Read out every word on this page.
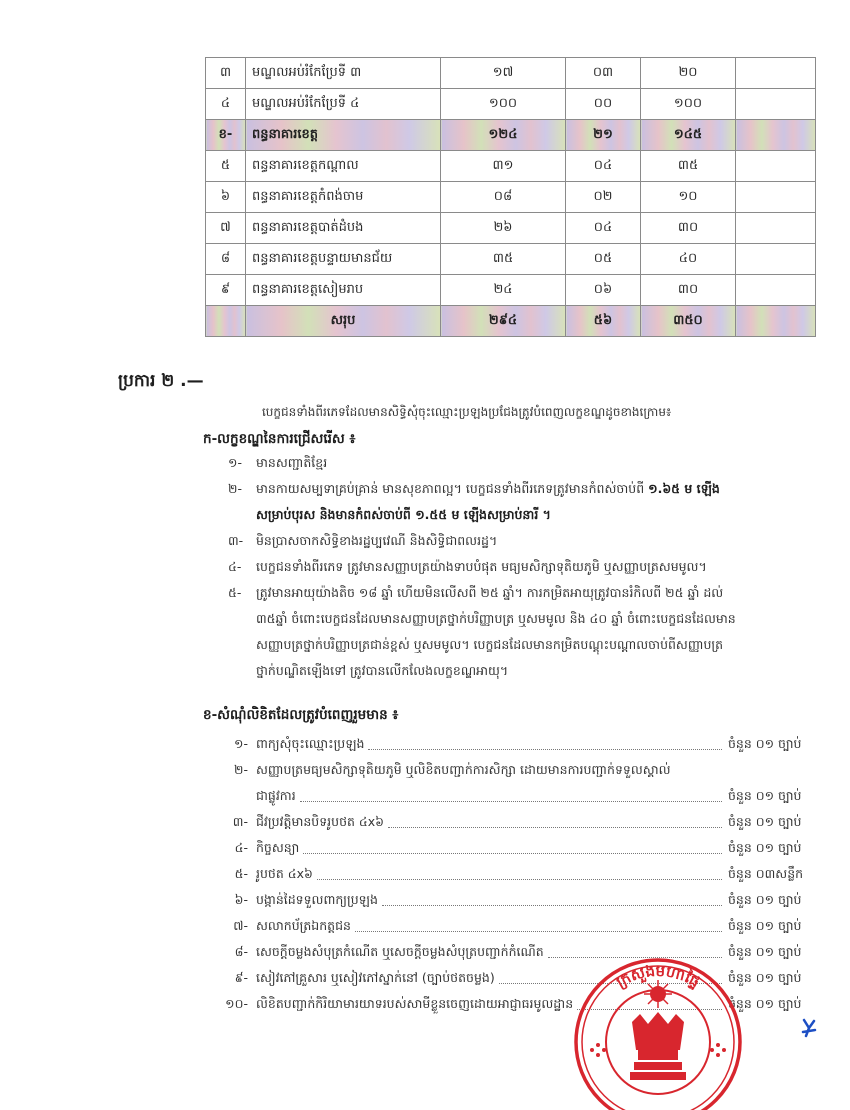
៣	មណ្ឌលអប់រំកែប្រែទី ៣	១៧	០៣	២០	
៤	មណ្ឌលអប់រំកែប្រែទី ៤	១០០	០០	១០០	
ខ-	ពន្ធនាគារខេត្ត	១២៤	២១	១៤៥	
៥	ពន្ធនាគារខេត្តកណ្ដាល	៣១	០៤	៣៥	
៦	ពន្ធនាគារខេត្តកំពង់ចាម	០៨	០២	១០	
៧	ពន្ធនាគារខេត្តបាត់ដំបង	២៦	០៤	៣០	
៨	ពន្ធនាគារខេត្តបន្ទាយមានជ័យ	៣៥	០៥	៤០	
៩	ពន្ធនាគារខេត្តសៀមរាប	២៤	០៦	៣០	
	សរុប	២៩៤	៥៦	៣៥០	
ប្រការ ២ .—
បេក្ខជនទាំងពីរភេទដែលមានសិទ្ធិសុំចុះឈ្មោះប្រឡងប្រជែងត្រូវបំពេញលក្ខខណ្ឌដូចខាងក្រោម៖
ក-លក្ខខណ្ឌនៃការជ្រើសរើស ៖
១- មានសញ្ជាតិខ្មែរ
២- មានកាយសម្បទាគ្រប់គ្រាន់ មានសុខភាពល្អ។ បេក្ខជនទាំងពីរភេទត្រូវមានកំពស់ចាប់ពី ១.៦៥ ម ឡើង
សម្រាប់បុរស និងមានកំពស់ចាប់ពី ១.៥៥ ម ឡើងសម្រាប់នារី ។
៣- មិនប្រាសចាកសិទ្ធិខាងរដ្ឋប្បវេណី និងសិទ្ធិជាពលរដ្ឋ។
៤- បេក្ខជនទាំងពីរភេទ ត្រូវមានសញ្ញាបត្រយ៉ាងទាបបំផុត មធ្យមសិក្សាទុតិយភូមិ ឬសញ្ញាបត្រសមមូល។
៥- ត្រូវមានអាយុយ៉ាងតិច ១៨ ឆ្នាំ ហើយមិនលើសពី ២៥ ឆ្នាំ។ ការកម្រិតអាយុត្រូវបានរំកិលពី ២៥ ឆ្នាំ ដល់
៣៥ឆ្នាំ ចំពោះបេក្ខជនដែលមានសញ្ញាបត្រថ្នាក់បរិញ្ញាបត្រ ឬសមមូល និង ៤០ ឆ្នាំ ចំពោះបេក្ខជនដែលមាន
សញ្ញាបត្រថ្នាក់បរិញ្ញាបត្រជាន់ខ្ពស់ ឬសមមូល។ បេក្ខជនដែលមានកម្រិតបណ្ដុះបណ្ដាលចាប់ពីសញ្ញាបត្រ
ថ្នាក់បណ្ឌិតឡើងទៅ ត្រូវបានលើកលែងលក្ខខណ្ឌអាយុ។
ខ-សំណុំលិខិតដែលត្រូវបំពេញរួមមាន ៖
១- ពាក្យសុំចុះឈ្មោះប្រឡង	ចំនួន ០១ ច្បាប់
២- សញ្ញាបត្រមធ្យមសិក្សាទុតិយភូមិ ឬលិខិតបញ្ជាក់ការសិក្សា ដោយមានការបញ្ជាក់ទទួលស្គាល់
ជាផ្លូវការ	ចំនួន ០១ ច្បាប់
៣- ជីវប្រវត្តិមានបិទរូបថត ៤x៦	ចំនួន ០១ ច្បាប់
៤- កិច្ចសន្យា	ចំនួន ០១ ច្បាប់
៥- រូបថត ៤x៦	ចំនួន ០៣សន្លឹក
៦- បង្កាន់ដៃទទួលពាក្យប្រឡង	ចំនួន ០១ ច្បាប់
៧- សលាកប័ត្រឯកត្តជន	ចំនួន ០១ ច្បាប់
៨- សេចក្ដីចម្លងសំបុត្រកំណើត ឬសេចក្ដីចម្លងសំបុត្របញ្ជាក់កំណើត	ចំនួន ០១ ច្បាប់
៩- សៀវភៅគ្រួសារ ឬសៀវភៅស្នាក់នៅ (ច្បាប់ថតចម្លង)	ចំនួន ០១ ច្បាប់
១០- លិខិតបញ្ជាក់កិរិយាមារយាទរបស់សាមីខ្លួនចេញដោយអាជ្ញាធរមូលដ្ឋាន	ចំនួន ០១ ច្បាប់
ក្រសួងមហាផ្ទៃ
